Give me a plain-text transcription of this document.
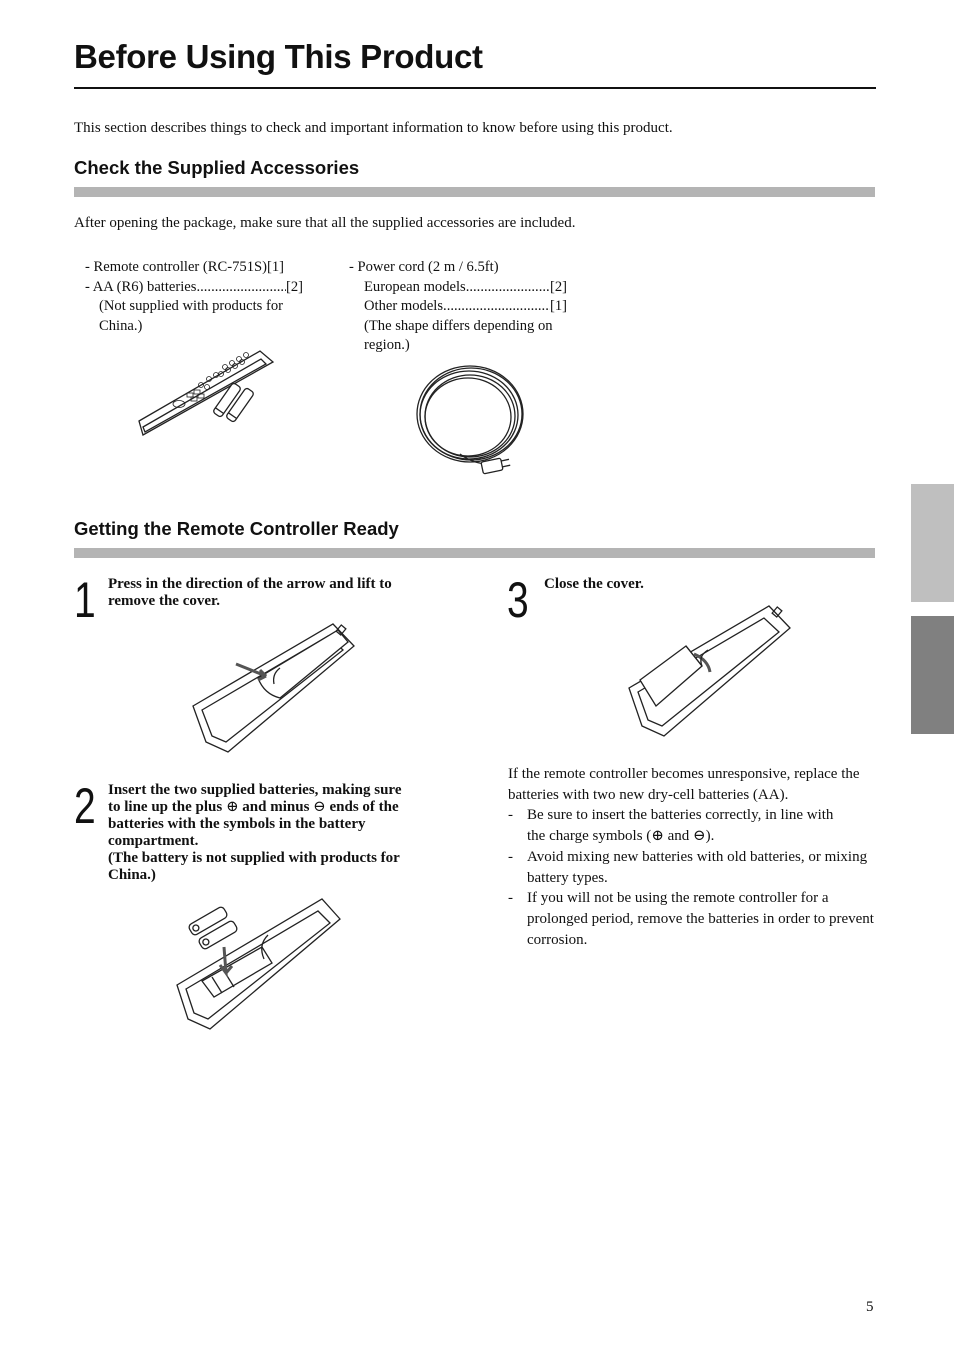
Before Using This Product
This section describes things to check and important information to know before using this product.
Check the Supplied Accessories
After opening the package, make sure that all the supplied accessories are included.
- Remote controller (RC-751S)[1]
- AA (R6) batteries .....	[2]
(Not supplied with products for
China.)
- Power cord (2 m / 6.5ft)
European models .....	[2]
Other models .....	[1]
(The shape differs depending on
region.)
Getting the Remote Controller Ready
1 Press in the direction of the arrow and lift to remove the cover.
2 Insert the two supplied batteries, making sure
to line up the plus ⊕ and minus ⊖ ends of the
batteries with the symbols in the battery
compartment.
(The battery is not supplied with products for
China.)
3 Close the cover.
If the remote controller becomes unresponsive, replace the batteries with two new dry-cell batteries (AA).
- Be sure to insert the batteries correctly, in line with
the charge symbols (⊕ and ⊖).
- Avoid mixing new batteries with old batteries, or mixing battery types.
- If you will not be using the remote controller for a prolonged period, remove the batteries in order to prevent corrosion.
5
